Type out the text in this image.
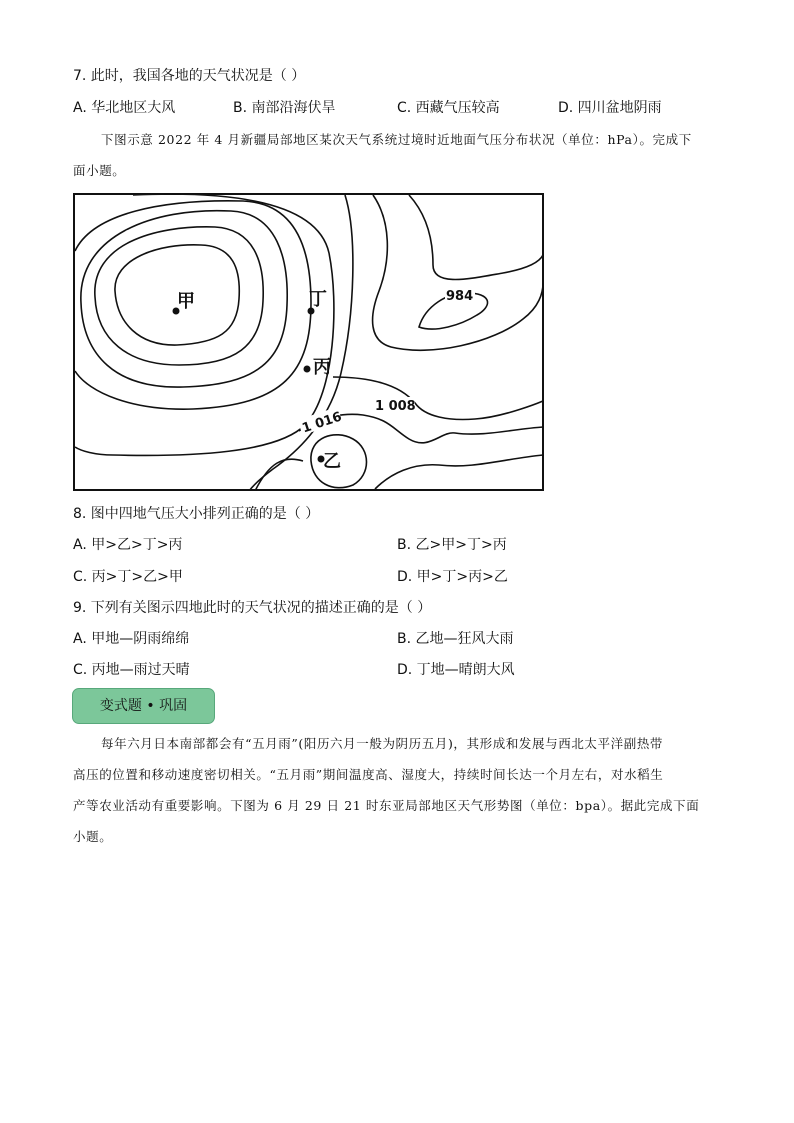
7. 此时，我国各地的天气状况是（ ）
A. 华北地区大风	B. 南部沿海伏旱	C. 西藏气压较高	D. 四川盆地阴雨
下图示意 2022 年 4 月新疆局部地区某次天气系统过境时近地面气压分布状况（单位：hPa）。完成下
面小题。
甲	丁
丙
乙
984
1 008
1 016
8. 图中四地气压大小排列正确的是（ ）
A. 甲>乙>丁>丙	B. 乙>甲>丁>丙
C. 丙>丁>乙>甲	D. 甲>丁>丙>乙
9. 下列有关图示四地此时的天气状况的描述正确的是（ ）
A. 甲地—阴雨绵绵	B. 乙地—狂风大雨
C. 丙地—雨过天晴	D. 丁地—晴朗大风
变式题 • 巩固
每年六月日本南部都会有“五月雨”(阳历六月一般为阴历五月)，其形成和发展与西北太平洋副热带
高压的位置和移动速度密切相关。“五月雨”期间温度高、湿度大，持续时间长达一个月左右，对水稻生
产等农业活动有重要影响。下图为 6 月 29 日 21 时东亚局部地区天气形势图（单位：bpa）。据此完成下面
小题。
